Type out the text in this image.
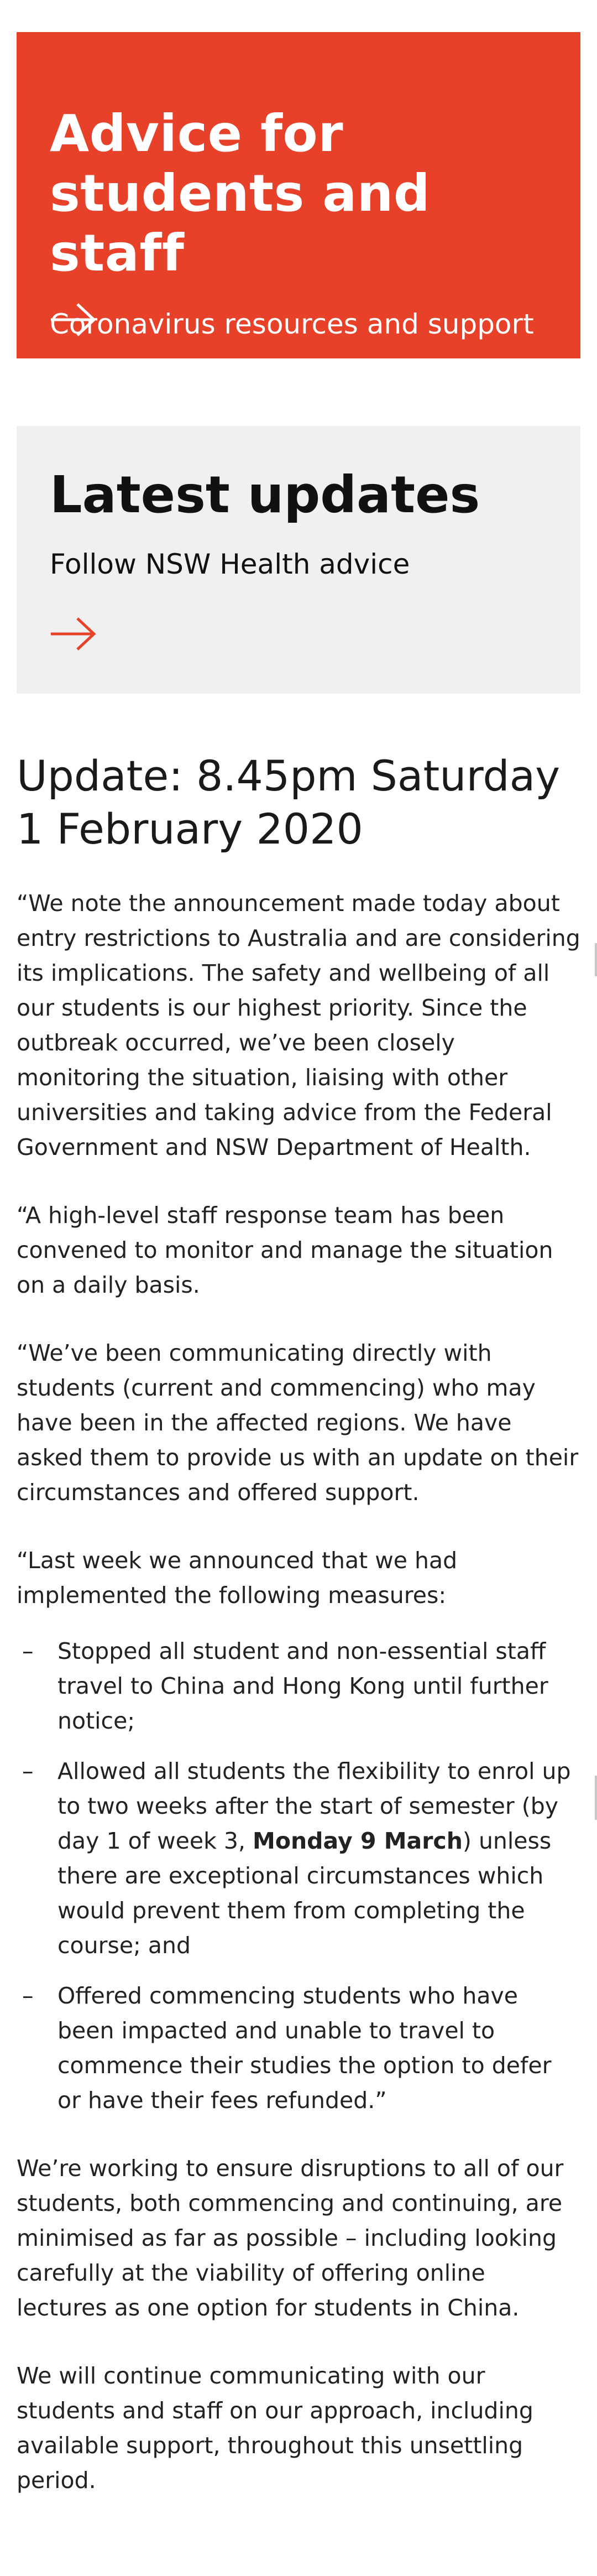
Advice for students and staff
Coronavirus resources and support
Latest updates
Follow NSW Health advice
Update: 8.45pm Saturday 1 February 2020

“We note the announcement made today about entry restrictions to Australia and are considering its implications. The safety and wellbeing of all our students is our highest priority. Since the outbreak occurred, we’ve been closely monitoring the situation, liaising with other universities and taking advice from the Federal Government and NSW Department of Health.

“A high-level staff response team has been convened to monitor and manage the situation on a daily basis.

“We’ve been communicating directly with students (current and commencing) who may have been in the affected regions. We have asked them to provide us with an update on their circumstances and offered support.

“Last week we announced that we had implemented the following measures:

– Stopped all student and non-essential staff travel to China and Hong Kong until further notice;
– Allowed all students the flexibility to enrol up to two weeks after the start of semester (by day 1 of week 3, Monday 9 March) unless there are exceptional circumstances which would prevent them from completing the course; and
– Offered commencing students who have been impacted and unable to travel to commence their studies the option to defer or have their fees refunded.”

We’re working to ensure disruptions to all of our students, both commencing and continuing, are minimised as far as possible – including looking carefully at the viability of offering online lectures as one option for students in China.

We will continue communicating with our students and staff on our approach, including available support, throughout this unsettling period.
